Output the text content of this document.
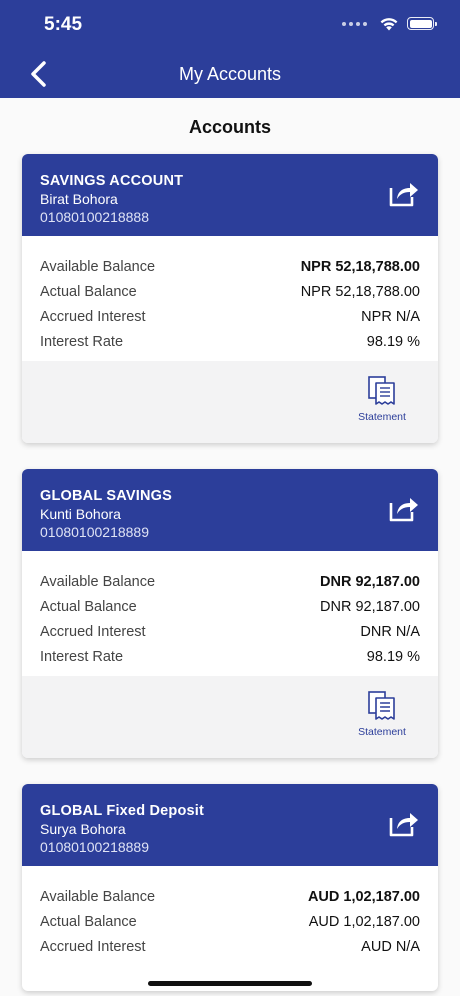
5:45
My Accounts
Accounts
SAVINGS ACCOUNT
Birat Bohora
01080100218888
Available Balance	NPR 52,18,788.00
Actual Balance	NPR 52,18,788.00
Accrued Interest	NPR N/A
Interest Rate	98.19 %
Statement
GLOBAL SAVINGS
Kunti Bohora
01080100218889
Available Balance	DNR 92,187.00
Actual Balance	DNR 92,187.00
Accrued Interest	DNR N/A
Interest Rate	98.19 %
Statement
GLOBAL Fixed Deposit
Surya Bohora
01080100218889
Available Balance	AUD 1,02,187.00
Actual Balance	AUD 1,02,187.00
Accrued Interest	AUD N/A
